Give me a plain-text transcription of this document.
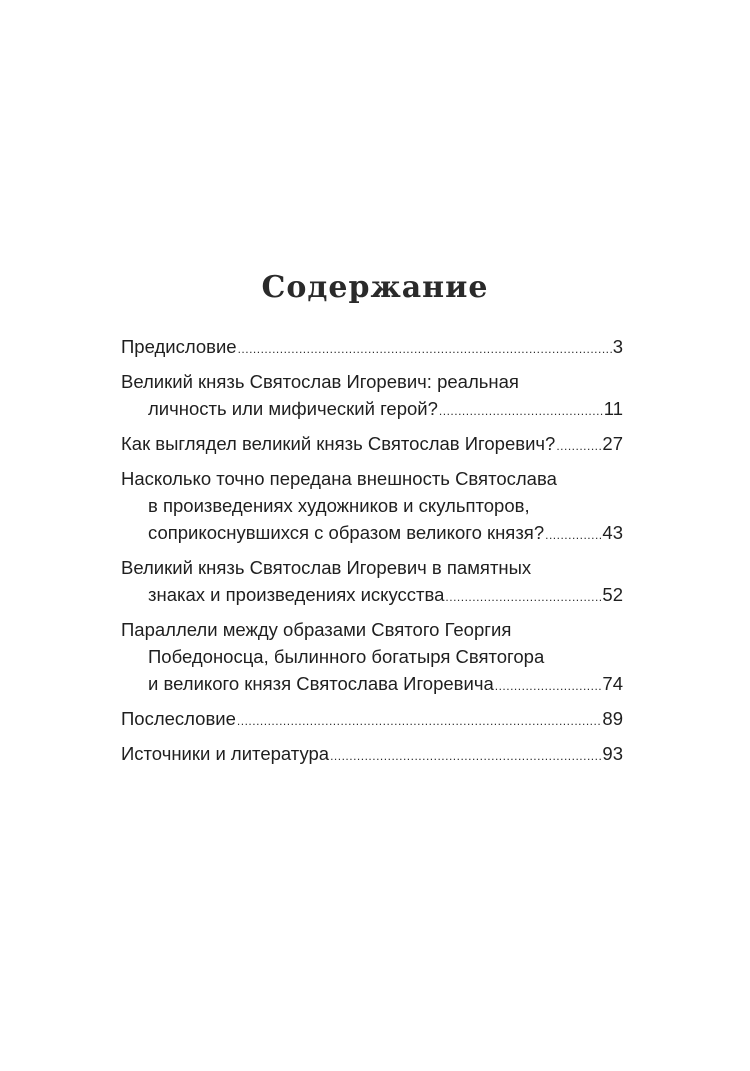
Содержание
Предисловие .....	3
Великий князь Святослав Игоревич: реальная
личность или мифический герой? .....	11
Как выглядел великий князь Святослав Игоревич? .....	27
Насколько точно передана внешность Святослава
в произведениях художников и скульпторов,
соприкоснувшихся с образом великого князя? .....	43
Великий князь Святослав Игоревич в памятных
знаках и произведениях искусства .....	52
Параллели между образами Святого Георгия
Победоносца, былинного богатыря Святогора
и великого князя Святослава Игоревича .....	74
Послесловие .....	89
Источники и литература .....	93
